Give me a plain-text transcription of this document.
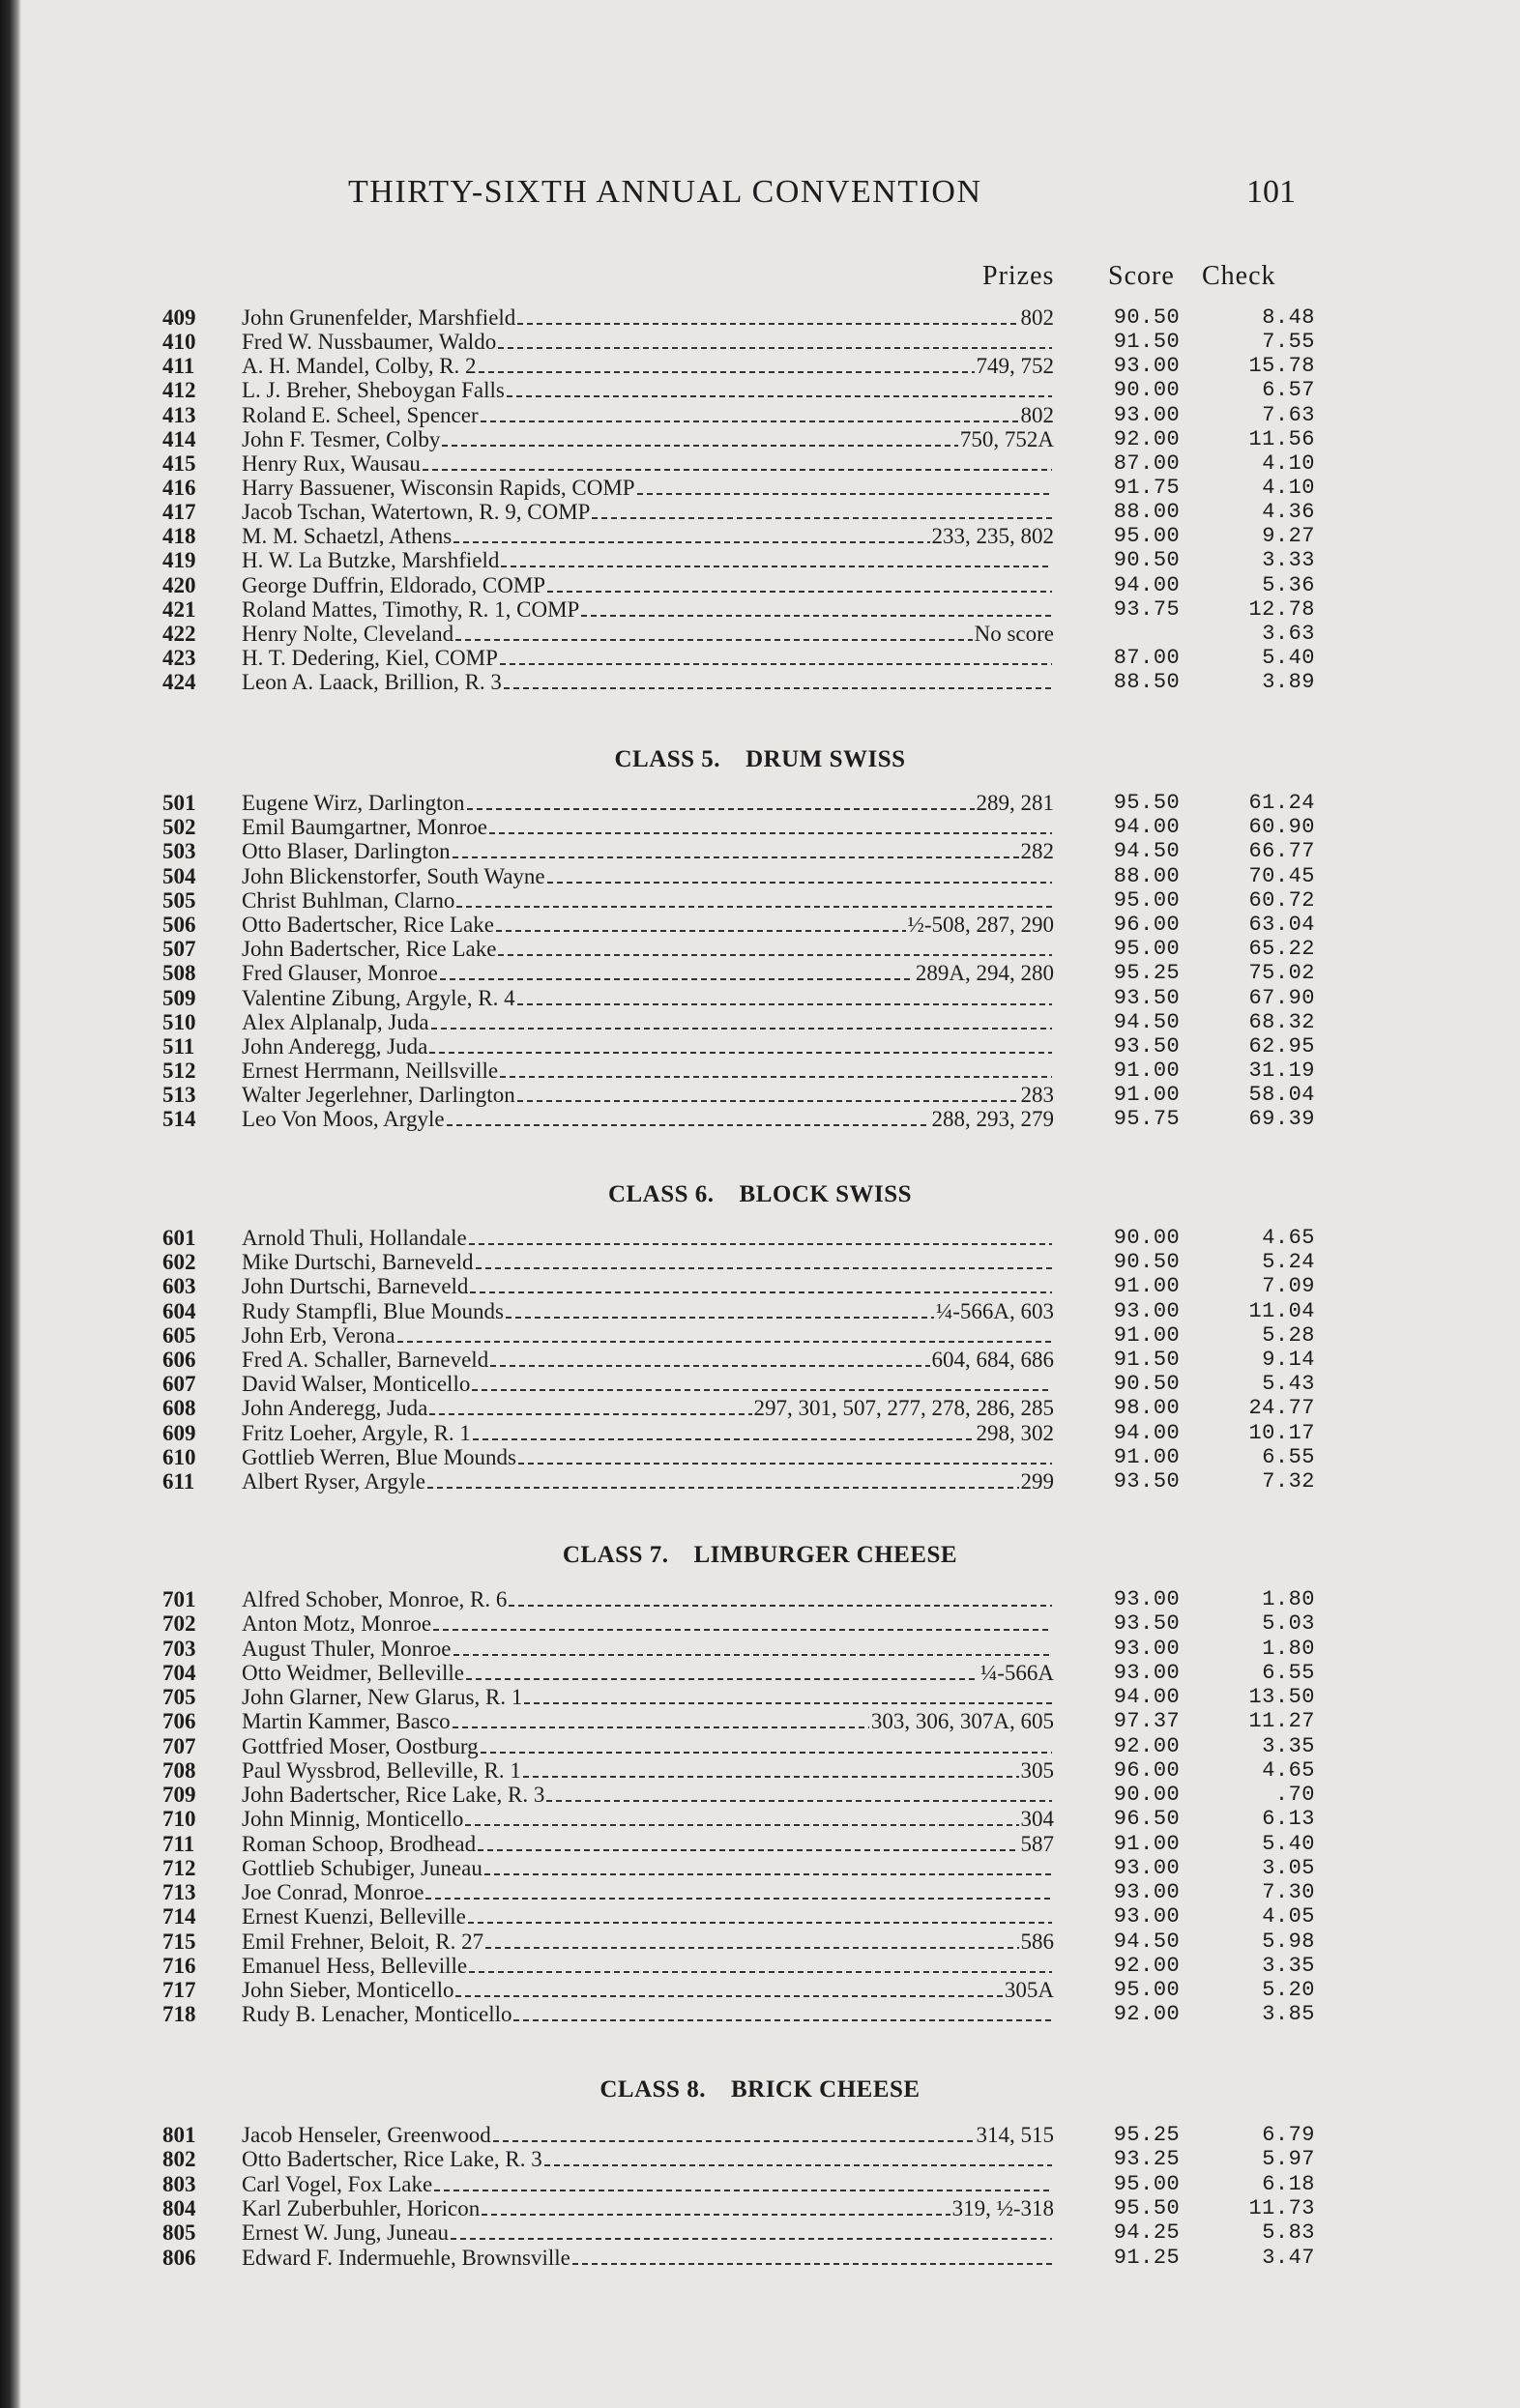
THIRTY-SIXTH ANNUAL CONVENTION	101
Prizes Score Check
409	John Grunenfelder, Marshfield	802	90.50	8.48
410	Fred W. Nussbaumer, Waldo	91.50	7.55
411	A. H. Mandel, Colby, R. 2	749, 752	93.00	15.78
412	L. J. Breher, Sheboygan Falls	90.00	6.57
413	Roland E. Scheel, Spencer	802	93.00	7.63
414	John F. Tesmer, Colby	750, 752A	92.00	11.56
415	Henry Rux, Wausau	87.00	4.10
416	Harry Bassuener, Wisconsin Rapids, COMP	91.75	4.10
417	Jacob Tschan, Watertown, R. 9, COMP	88.00	4.36
418	M. M. Schaetzl, Athens	233, 235, 802	95.00	9.27
419	H. W. La Butzke, Marshfield	90.50	3.33
420	George Duffrin, Eldorado, COMP	94.00	5.36
421	Roland Mattes, Timothy, R. 1, COMP	93.75	12.78
422	Henry Nolte, Cleveland	No score	3.63
423	H. T. Dedering, Kiel, COMP	87.00	5.40
424	Leon A. Laack, Brillion, R. 3	88.50	3.89
CLASS 5. DRUM SWISS
501	Eugene Wirz, Darlington	289, 281	95.50	61.24
502	Emil Baumgartner, Monroe	94.00	60.90
503	Otto Blaser, Darlington	282	94.50	66.77
504	John Blickenstorfer, South Wayne	88.00	70.45
505	Christ Buhlman, Clarno	95.00	60.72
506	Otto Badertscher, Rice Lake	½-508, 287, 290	96.00	63.04
507	John Badertscher, Rice Lake	95.00	65.22
508	Fred Glauser, Monroe	289A, 294, 280	95.25	75.02
509	Valentine Zibung, Argyle, R. 4	93.50	67.90
510	Alex Alplanalp, Juda	94.50	68.32
511	John Anderegg, Juda	93.50	62.95
512	Ernest Herrmann, Neillsville	91.00	31.19
513	Walter Jegerlehner, Darlington	283	91.00	58.04
514	Leo Von Moos, Argyle	288, 293, 279	95.75	69.39
CLASS 6. BLOCK SWISS
601	Arnold Thuli, Hollandale	90.00	4.65
602	Mike Durtschi, Barneveld	90.50	5.24
603	John Durtschi, Barneveld	91.00	7.09
604	Rudy Stampfli, Blue Mounds	¼-566A, 603	93.00	11.04
605	John Erb, Verona	91.00	5.28
606	Fred A. Schaller, Barneveld	604, 684, 686	91.50	9.14
607	David Walser, Monticello	90.50	5.43
608	John Anderegg, Juda	297, 301, 507, 277, 278, 286, 285	98.00	24.77
609	Fritz Loeher, Argyle, R. 1	298, 302	94.00	10.17
610	Gottlieb Werren, Blue Mounds	91.00	6.55
611	Albert Ryser, Argyle	299	93.50	7.32
CLASS 7. LIMBURGER CHEESE
701	Alfred Schober, Monroe, R. 6	93.00	1.80
702	Anton Motz, Monroe	93.50	5.03
703	August Thuler, Monroe	93.00	1.80
704	Otto Weidmer, Belleville	¼-566A	93.00	6.55
705	John Glarner, New Glarus, R. 1	94.00	13.50
706	Martin Kammer, Basco	303, 306, 307A, 605	97.37	11.27
707	Gottfried Moser, Oostburg	92.00	3.35
708	Paul Wyssbrod, Belleville, R. 1	305	96.00	4.65
709	John Badertscher, Rice Lake, R. 3	90.00	.70
710	John Minnig, Monticello	304	96.50	6.13
711	Roman Schoop, Brodhead	587	91.00	5.40
712	Gottlieb Schubiger, Juneau	93.00	3.05
713	Joe Conrad, Monroe	93.00	7.30
714	Ernest Kuenzi, Belleville	93.00	4.05
715	Emil Frehner, Beloit, R. 27	586	94.50	5.98
716	Emanuel Hess, Belleville	92.00	3.35
717	John Sieber, Monticello	305A	95.00	5.20
718	Rudy B. Lenacher, Monticello	92.00	3.85
CLASS 8. BRICK CHEESE
801	Jacob Henseler, Greenwood	314, 515	95.25	6.79
802	Otto Badertscher, Rice Lake, R. 3	93.25	5.97
803	Carl Vogel, Fox Lake	95.00	6.18
804	Karl Zuberbuhler, Horicon	319, ½-318	95.50	11.73
805	Ernest W. Jung, Juneau	94.25	5.83
806	Edward F. Indermuehle, Brownsville	91.25	3.47
